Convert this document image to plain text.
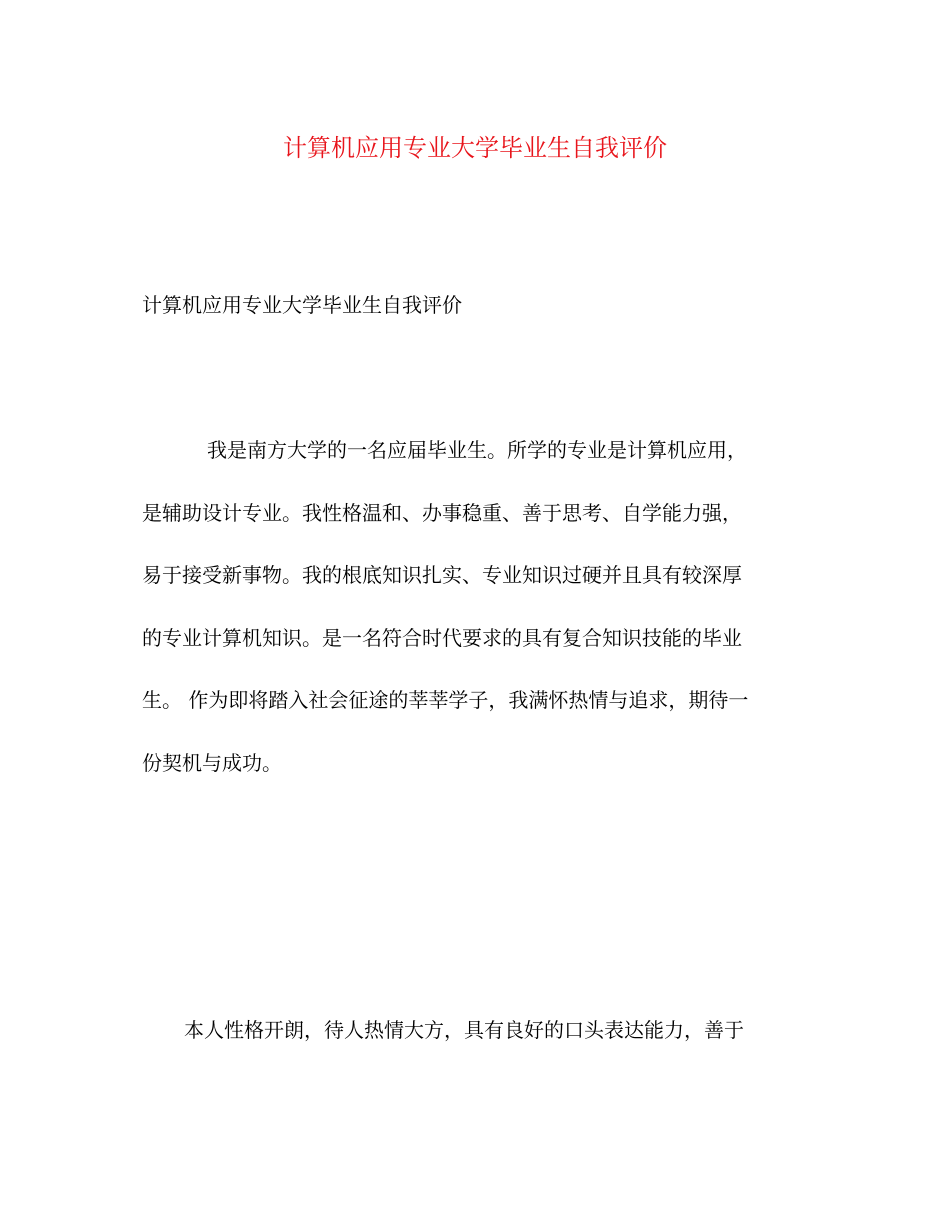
计算机应用专业大学毕业生自我评价

计算机应用专业大学毕业生自我评价

我是南方大学的一名应届毕业生。所学的专业是计算机应用，
是辅助设计专业。我性格温和、办事稳重、善于思考、自学能力强，
易于接受新事物。我的根底知识扎实、专业知识过硬并且具有较深厚
的专业计算机知识。是一名符合时代要求的具有复合知识技能的毕业
生。 作为即将踏入社会征途的莘莘学子，我满怀热情与追求，期待一
份契机与成功。
本人性格开朗，待人热情大方，具有良好的口头表达能力，善于
